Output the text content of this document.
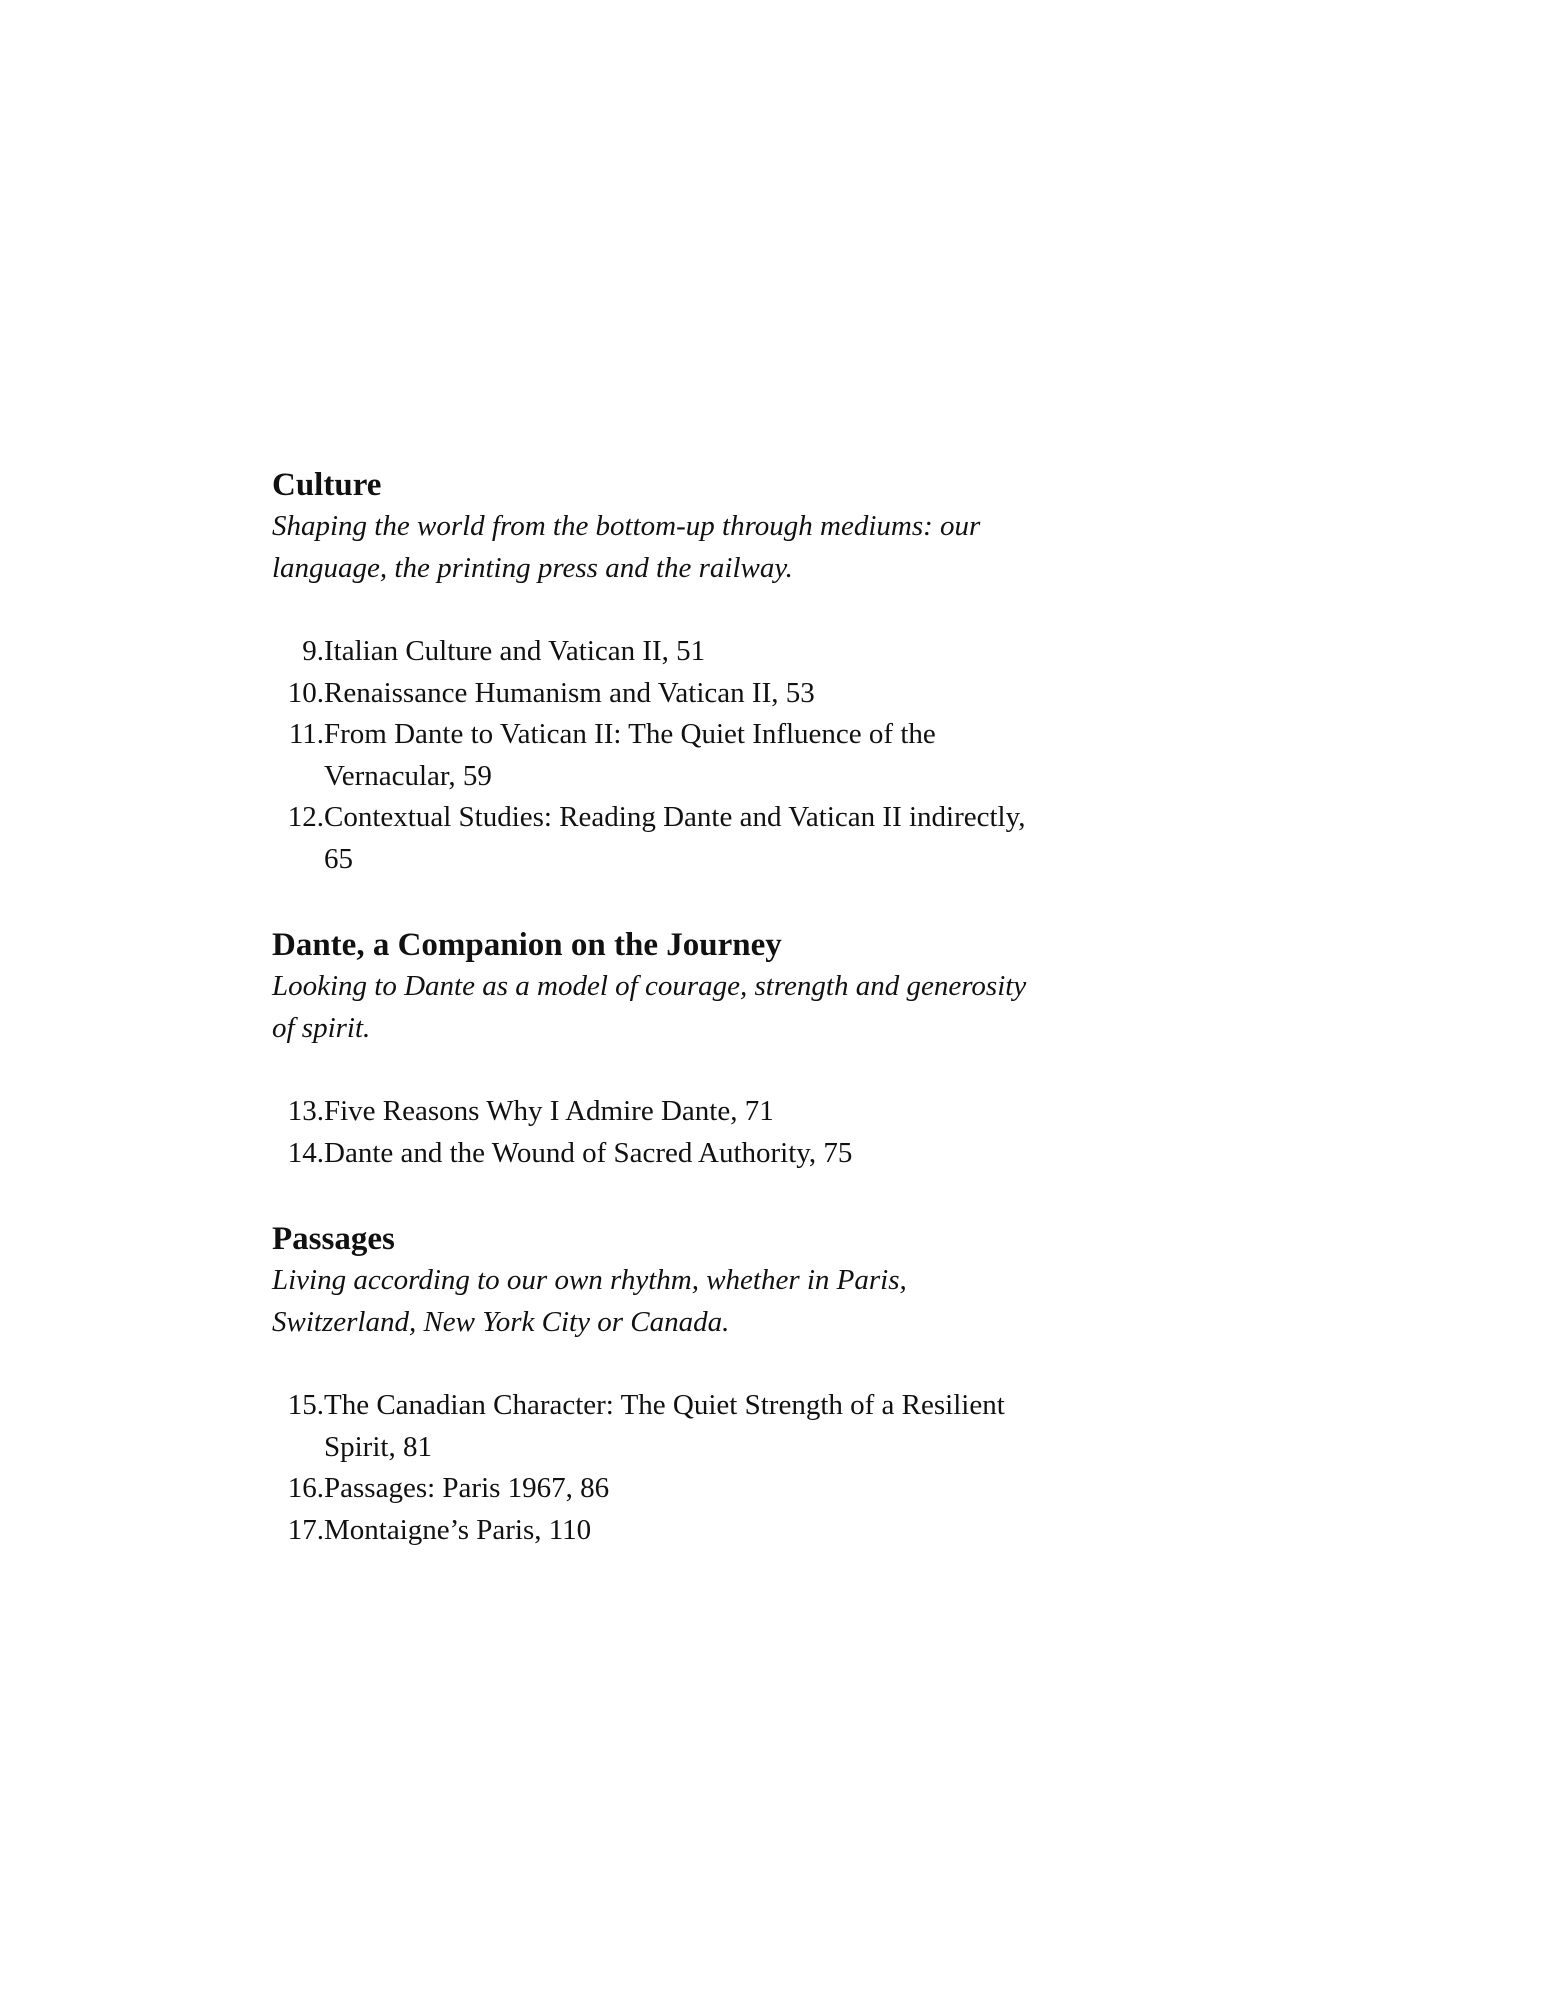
Culture

Shaping the world from the bottom-up through mediums: our language, the printing press and the railway.

9. Italian Culture and Vatican II, 51
10. Renaissance Humanism and Vatican II, 53
11. From Dante to Vatican II: The Quiet Influence of the Vernacular, 59
12. Contextual Studies: Reading Dante and Vatican II indirectly, 65
Dante, a Companion on the Journey

Looking to Dante as a model of courage, strength and generosity of spirit.

13. Five Reasons Why I Admire Dante, 71
14. Dante and the Wound of Sacred Authority, 75
Passages

Living according to our own rhythm, whether in Paris, Switzerland, New York City or Canada.

15. The Canadian Character: The Quiet Strength of a Resilient Spirit, 81
16. Passages: Paris 1967, 86
17. Montaigne’s Paris, 110
